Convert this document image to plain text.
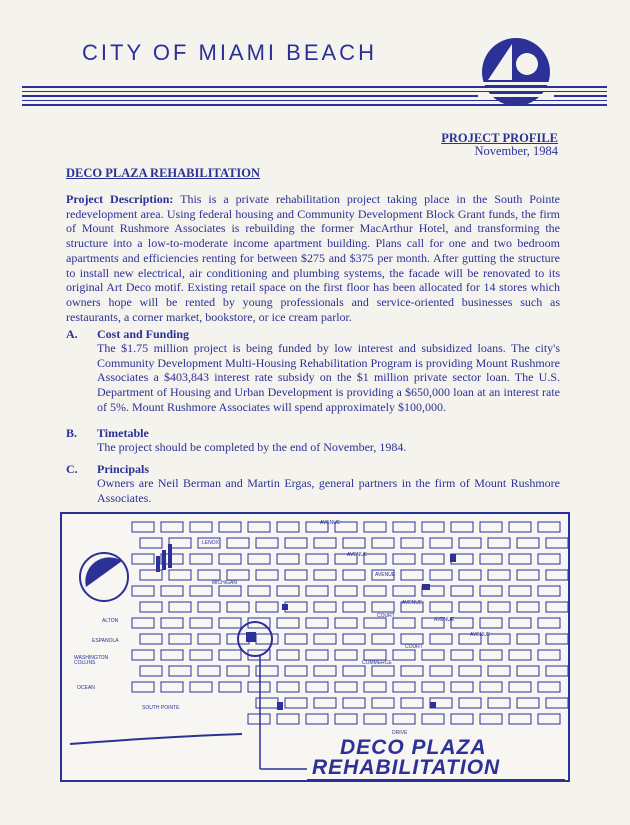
CITY OF MIAMI BEACH
PROJECT PROFILE
November, 1984
DECO PLAZA REHABILITATION

Project Description: This is a private rehabilitation project taking place in the South Pointe redevelopment area. Using federal housing and Community Development Block Grant funds, the firm of Mount Rushmore Associates is rebuilding the former MacArthur Hotel, and transforming the structure into a low-to-moderate income apartment building. Plans call for one and two bedroom apartments and efficiencies renting for between $275 and $375 per month. After gutting the structure to install new electrical, air conditioning and plumbing systems, the facade will be renovated to its original Art Deco motif. Existing retail space on the first floor has been allocated for 14 stores which owners hope will be rented by young professionals and service-oriented businesses such as restaurants, a corner market, bookstore, or ice cream parlor.

A. Cost and Funding

The $1.75 million project is being funded by low interest and subsidized loans. The city's Community Development Multi-Housing Rehabilitation Program is providing Mount Rushmore Associates a $403,843 interest rate subsidy on the $1 million private sector loan. The U.S. Department of Housing and Urban Development is providing a $650,000 loan at an interest rate of 5%. Mount Rushmore Associates will spend approximately $100,000.

B. Timetable

The project should be completed by the end of November, 1984.

C. Principals

Owners are Neil Berman and Martin Ergas, general partners in the firm of Mount Rushmore Associates.

AVENUE
AVENUE
AVENUE
AVENUE
COURT
AVENUE
COURT
AVENUE
COLLINS
OCEAN
DRIVE
WASHINGTON
ALTON
MICHIGAN
LENOX
ESPANOLA
COMMERCE
SOUTH POINTE
DECO PLAZA
REHABILITATION
